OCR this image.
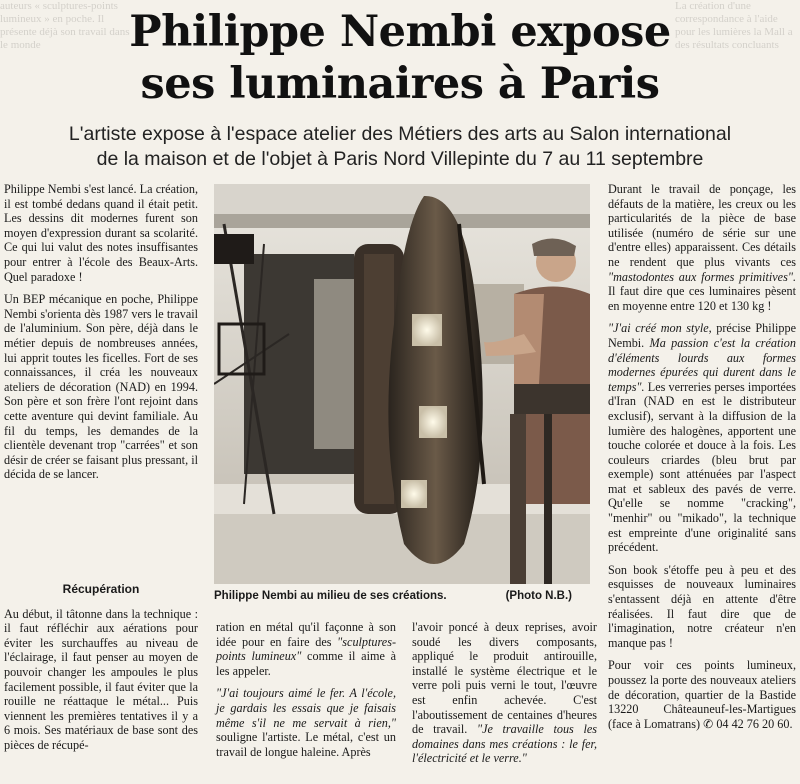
auteurs « sculptures-points lumineux » en poche. Il présente déjà son travail dans le monde
La création d'une correspondance à l'aide pour les lumières la Mall a des résultats concluants
Philippe Nembi expose
ses luminaires à Paris
L'artiste expose à l'espace atelier des Métiers des arts au Salon international
de la maison et de l'objet à Paris Nord Villepinte du 7 au 11 septembre

Philippe Nembi s'est lancé. La création, il est tombé dedans quand il était petit. Les dessins dit modernes furent son moyen d'expression durant sa scolarité. Ce qui lui valut des notes insuffisantes pour entrer à l'école des Beaux-Arts. Quel paradoxe !

Un BEP mécanique en poche, Philippe Nembi s'orienta dès 1987 vers le travail de l'aluminium. Son père, déjà dans le métier depuis de nombreuses années, lui apprit toutes les ficelles. Fort de ses connaissances, il créa les nouveaux ateliers de décoration (NAD) en 1994. Son père et son frère l'ont rejoint dans cette aventure qui devint familiale. Au fil du temps, les demandes de la clientèle devenant trop "carrées" et son désir de créer se faisant plus pressant, il décida de se lancer.

Récupération

Au début, il tâtonne dans la technique : il faut réfléchir aux aérations pour éviter les surchauffes au niveau de l'éclairage, il faut penser au moyen de pouvoir changer les ampoules le plus facilement possible, il faut éviter que la rouille ne réattaque le métal... Puis viennent les premières tentatives il y a 6 mois. Ses matériaux de base sont des pièces de récupé-

Philippe Nembi au milieu de ses créations.	(Photo N.B.)

ration en métal qu'il façonne à son idée pour en faire des "sculptures-points lumineux" comme il aime à les appeler.

"J'ai toujours aimé le fer. A l'école, je gardais les essais que je faisais même s'il ne me servait à rien," souligne l'artiste. Le métal, c'est un travail de longue haleine. Après

l'avoir poncé à deux reprises, avoir soudé les divers composants, appliqué le produit antirouille, installé le système électrique et le verre poli puis verni le tout, l'œuvre est enfin achevée. C'est l'aboutissement de centaines d'heures de travail. "Je travaille tous les domaines dans mes créations : le fer, l'électricité et le verre."

Durant le travail de ponçage, les défauts de la matière, les creux ou les particularités de la pièce de base utilisée (numéro de série sur une d'entre elles) apparaissent. Ces détails ne rendent que plus vivants ces "mastodontes aux formes primitives". Il faut dire que ces luminaires pèsent en moyenne entre 120 et 130 kg !

"J'ai créé mon style, précise Philippe Nembi. Ma passion c'est la création d'éléments lourds aux formes modernes épurées qui durent dans le temps". Les verreries perses importées d'Iran (NAD en est le distributeur exclusif), servant à la diffusion de la lumière des halogènes, apportent une touche colorée et douce à la fois. Les couleurs criardes (bleu brut par exemple) sont atténuées par l'aspect mat et sableux des pavés de verre. Qu'elle se nomme "cracking", "menhir" ou "mikado", la technique est empreinte d'une originalité sans précédent.

Son book s'étoffe peu à peu et des esquisses de nouveaux luminaires s'entassent déjà en attente d'être réalisées. Il faut dire que de l'imagination, notre créateur n'en manque pas !

Pour voir ces points lumineux, poussez la porte des nouveaux ateliers de décoration, quartier de la Bastide 13220 Châteauneuf-les-Martigues (face à Lomatrans) ✆ 04 42 76 20 60.
